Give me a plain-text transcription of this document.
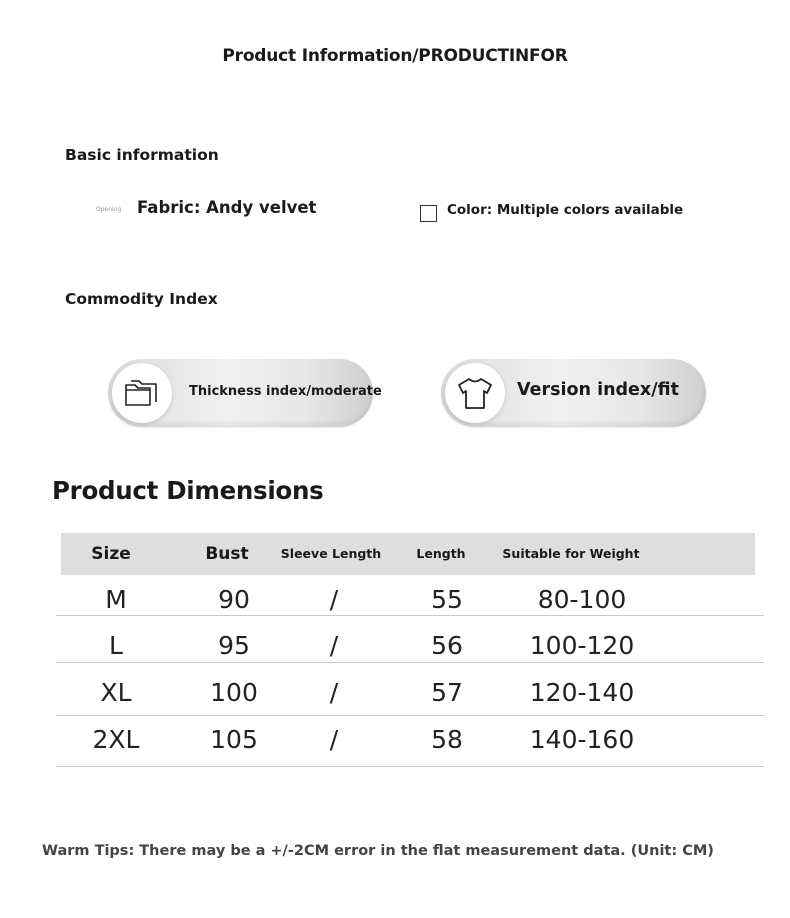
Product Information/PRODUCTINFOR
Basic information
Opening Fabric: Andy velvet	Color: Multiple colors available
Commodity Index
Thickness index/moderate	Version index/fit
Product Dimensions
Size	Bust	Sleeve Length	Length	Suitable for Weight
M	90	/	55	80-100
L	95	/	56	100-120
XL	100	/	57	120-140
2XL	105	/	58	140-160
Warm Tips: There may be a +/-2CM error in the flat measurement data. (Unit: CM)
